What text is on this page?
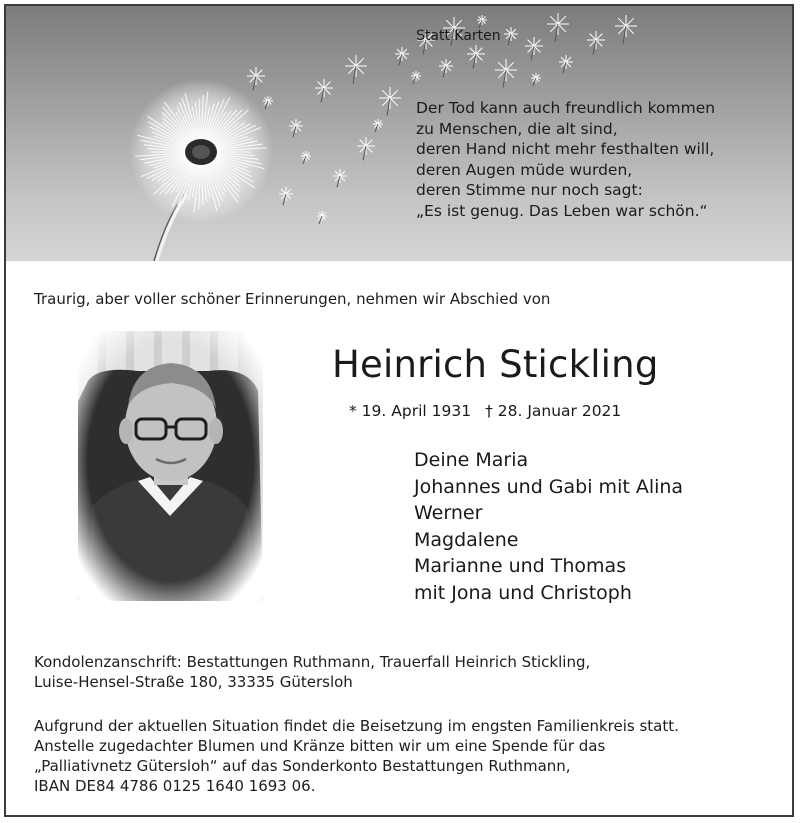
Statt Karten
Der Tod kann auch freundlich kommen
zu Menschen, die alt sind,
deren Hand nicht mehr festhalten will,
deren Augen müde wurden,
deren Stimme nur noch sagt:
„Es ist genug. Das Leben war schön.“
Traurig, aber voller schöner Erinnerungen, nehmen wir Abschied von
Heinrich Stickling
* 19. April 1931 † 28. Januar 2021
Deine Maria
Johannes und Gabi mit Alina
Werner
Magdalene
Marianne und Thomas
mit Jona und Christoph
Kondolenzanschrift: Bestattungen Ruthmann, Trauerfall Heinrich Stickling,
Luise-Hensel-Straße 180, 33335 Gütersloh
Aufgrund der aktuellen Situation findet die Beisetzung im engsten Familienkreis statt.
Anstelle zugedachter Blumen und Kränze bitten wir um eine Spende für das
„Palliativnetz Gütersloh“ auf das Sonderkonto Bestattungen Ruthmann,
IBAN DE84 4786 0125 1640 1693 06.
